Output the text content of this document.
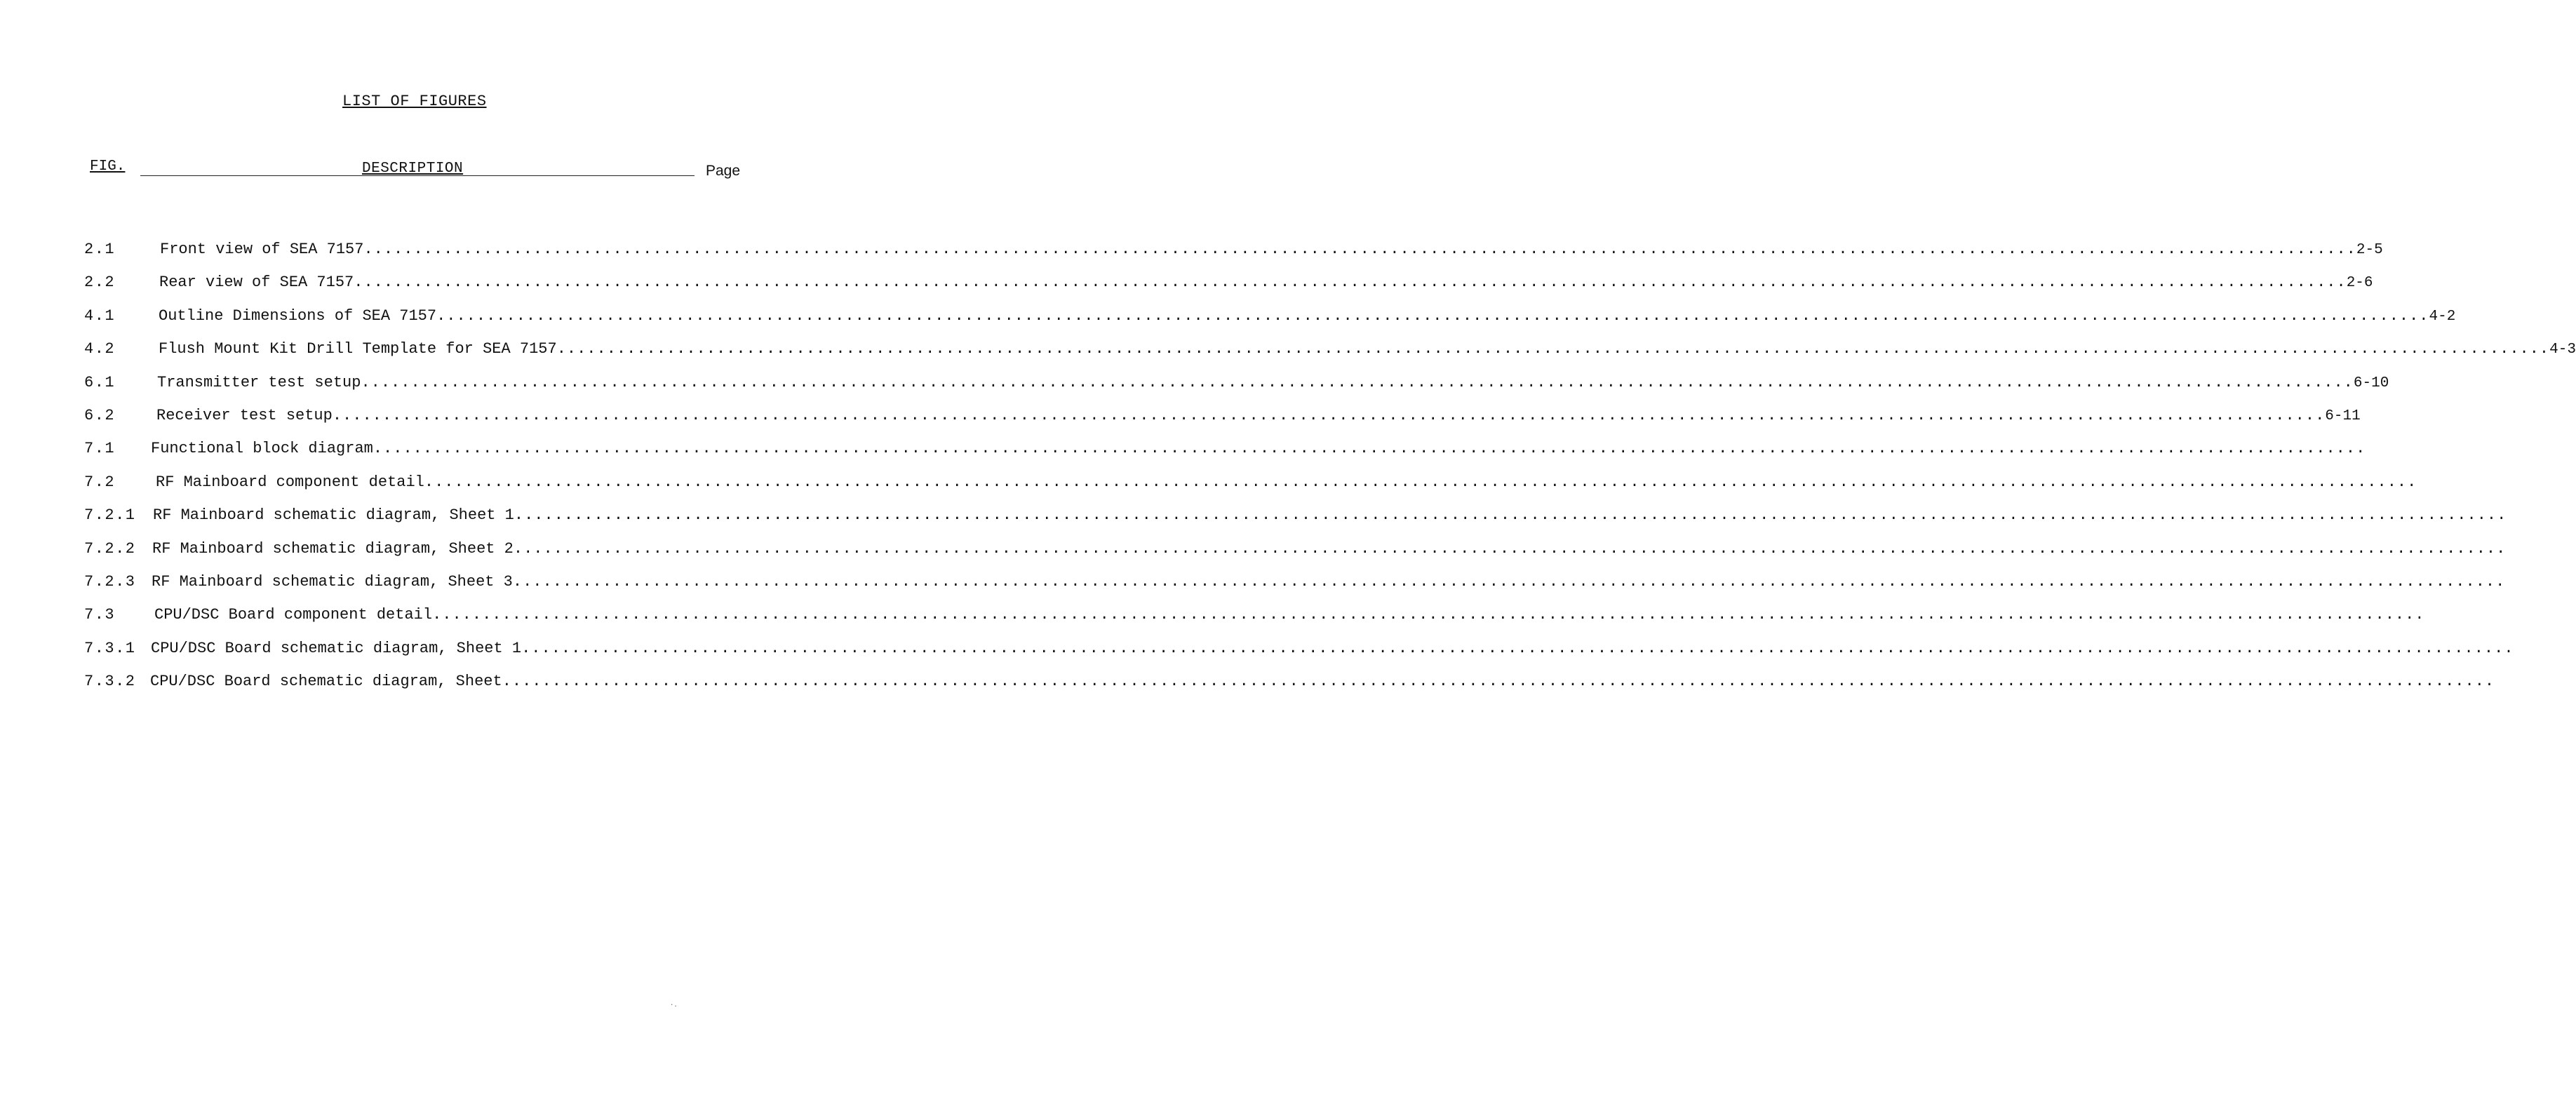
LIST OF FIGURES
FIG.	DESCRIPTION	Page
2.1	Front view of SEA 7157 ........................................................................................................................................................................................................ 2-5
2.2	Rear view of SEA 7157 ........................................................................................................................................................................................................ 2-6
4.1	Outline Dimensions of SEA 7157 ........................................................................................................................................................................................................ 4-2
4.2	Flush Mount Kit Drill Template for SEA 7157 ........................................................................................................................................................................................................ 4-3
6.1	Transmitter test setup ........................................................................................................................................................................................................ 6-10
6.2	Receiver test setup ........................................................................................................................................................................................................ 6-11
7.1 Functional block diagram ........................................................................................................................................................................................................
7.2	RF Mainboard component detail ........................................................................................................................................................................................................
7.2.1 RF Mainboard schematic diagram, Sheet 1 ........................................................................................................................................................................................................
7.2.2 RF Mainboard schematic diagram, Sheet 2 ........................................................................................................................................................................................................
7.2.3 RF Mainboard schematic diagram, Sheet 3 ........................................................................................................................................................................................................
7.3	CPU/DSC Board component detail ........................................................................................................................................................................................................
7.3.1 CPU/DSC Board schematic diagram, Sheet 1 ........................................................................................................................................................................................................
7.3.2 CPU/DSC Board schematic diagram, Sheet ........................................................................................................................................................................................................
·.
